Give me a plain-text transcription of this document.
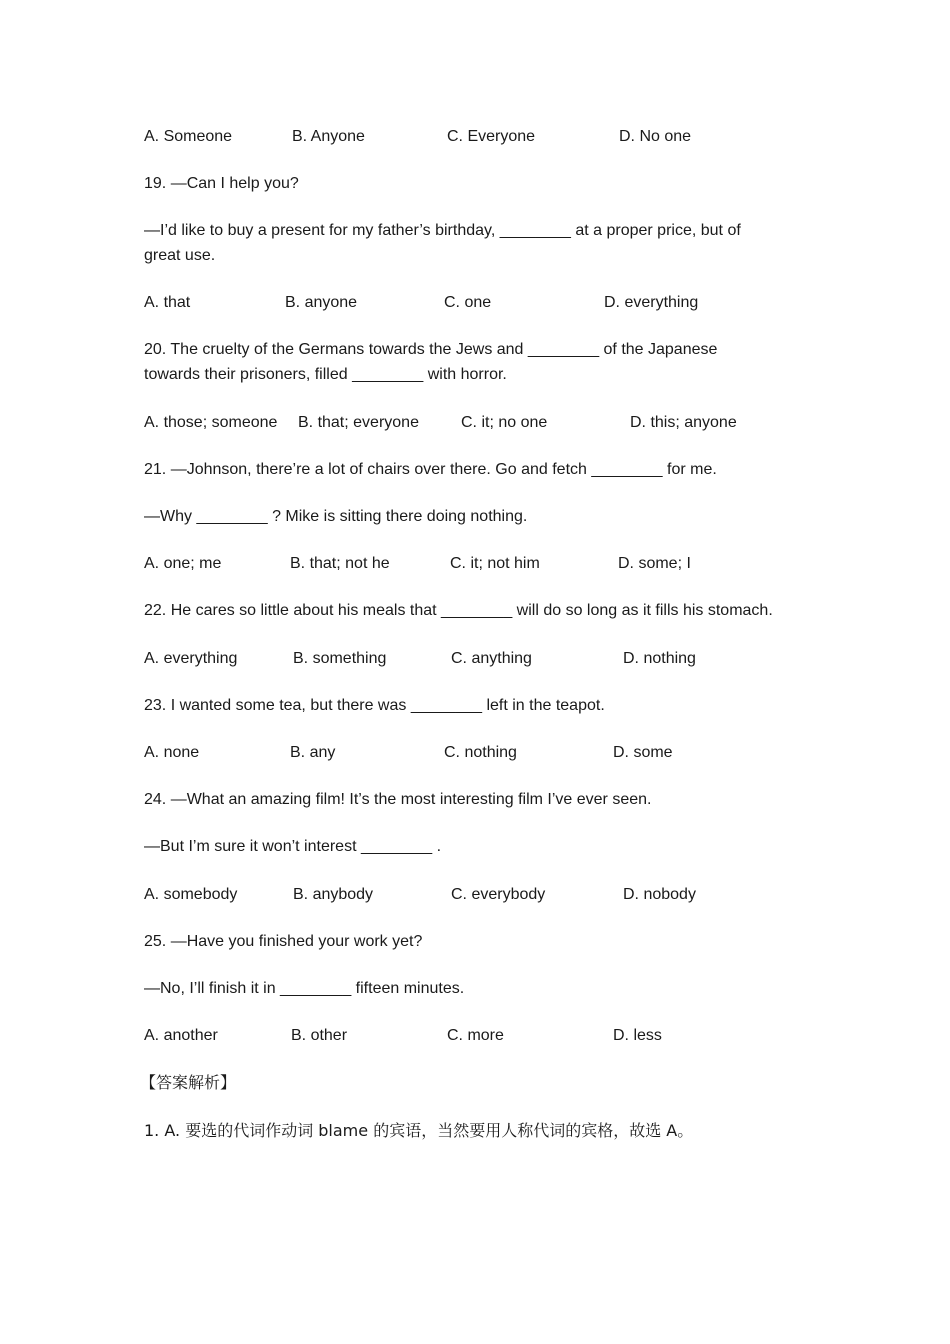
A. Someone	B. Anyone	C. Everyone	D. No one
19. —Can I help you?
—I’d like to buy a present for my father’s birthday, ________ at a proper price, but of
great use.
A. that	B. anyone	C. one	D. everything
20. The cruelty of the Germans towards the Jews and ________ of the Japanese
towards their prisoners, filled ________ with horror.
A. those; someone B. that; everyone	C. it; no one	D. this; anyone
21. —Johnson, there’re a lot of chairs over there. Go and fetch ________ for me.
—Why ________ ? Mike is sitting there doing nothing.
A. one; me	B. that; not he	C. it; not him	D. some; I
22. He cares so little about his meals that ________ will do so long as it fills his stomach.
A. everything	B. something	C. anything	D. nothing
23. I wanted some tea, but there was ________ left in the teapot.
A. none	B. any	C. nothing	D. some
24. —What an amazing film! It’s the most interesting film I’ve ever seen.
—But I’m sure it won’t interest ________ .
A. somebody	B. anybody	C. everybody	D. nobody
25. —Have you finished your work yet?
—No, I’ll finish it in ________ fifteen minutes.
A. another	B. other	C. more	D. less
【答案解析】
1. A. 要选的代词作动词 blame 的宾语，当然要用人称代词的宾格，故选 A。
